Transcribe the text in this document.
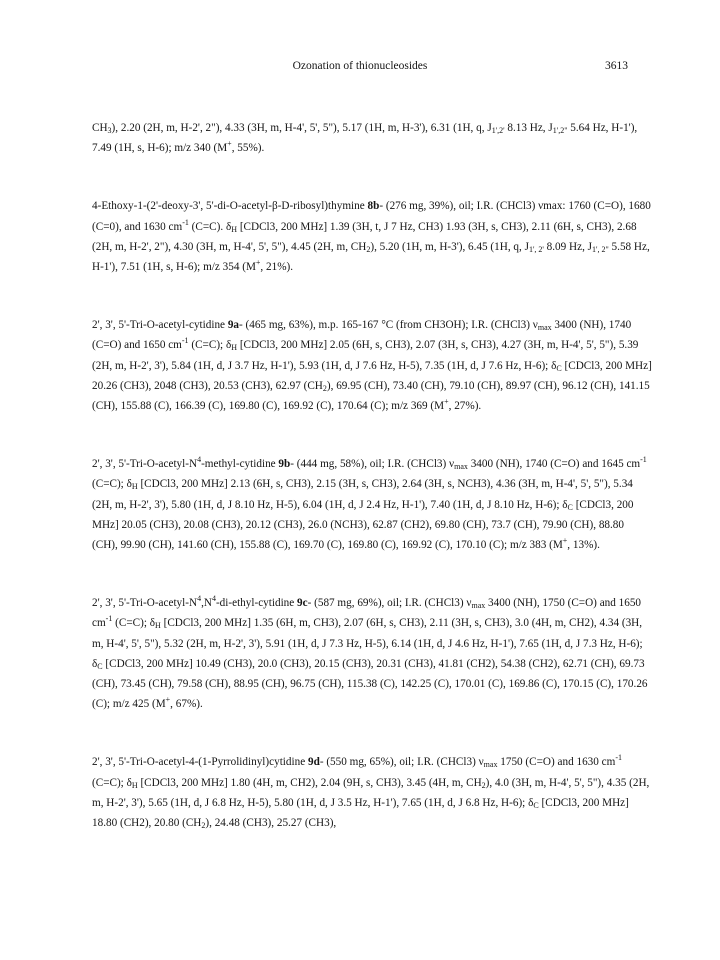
Ozonation of thionucleosides	3613

$CH_3$), 2.20 (2H, m, H-2', 2"), 4.33 (3H, m, H-4', 5', 5"), 5.17 (1H, m, H-3'), 6.31 (1H, q, $J_{1',2'}$ 8.13 Hz, $J_{1',2"}$ 5.64 Hz, H-1'), 7.49 (1H, s, H-6); m/z 340 (M+, 55%).

4-Ethoxy-1-(2'-deoxy-3', 5'-di-O-acetyl-β-D-ribosyl)thymine 8b- (276 mg, 39%), oil; I.R. (CHCl3) νmax: 1760 (C=O), 1680 (C=0), and 1630 $cm^{-1}$ (C=C). $\delta_H$ [CDCl3, 200 MHz] 1.39 (3H, t, J 7 Hz, CH3) 1.93 (3H, s, CH3), 2.11 (6H, s, CH3), 2.68 (2H, m, H-2', 2"), 4.30 (3H, m, H-4', 5', 5"), 4.45 (2H, m, $CH_2$), 5.20 (1H, m, H-3'), 6.45 (1H, q, $J_{1', 2'}$ 8.09 Hz, $J_{1', 2"}$ 5.58 Hz, H-1'), 7.51 (1H, s, H-6); m/z 354 (M+, 21%).

2', 3', 5'-Tri-O-acetyl-cytidine 9a- (465 mg, 63%), m.p. 165-167 °C (from CH3OH); I.R. (CHCl3) $\nu_{max}$ 3400 (NH), 1740 (C=O) and 1650 $cm^{-1}$ (C=C); $\delta_H$ [CDCl3, 200 MHz] 2.05 (6H, s, CH3), 2.07 (3H, s, CH3), 4.27 (3H, m, H-4', 5', 5"), 5.39 (2H, m, H-2', 3'), 5.84 (1H, d, J 3.7 Hz, H-1'), 5.93 (1H, d, J 7.6 Hz, H-5), 7.35 (1H, d, J 7.6 Hz, H-6); $\delta_C$ [CDCl3, 200 MHz] 20.26 (CH3), 2048 (CH3), 20.53 (CH3), 62.97 $(CH_2)$, 69.95 (CH), 73.40 (CH), 79.10 (CH), 89.97 (CH), 96.12 (CH), 141.15 (CH), 155.88 (C), 166.39 (C), 169.80 (C), 169.92 (C), 170.64 (C); m/z 369 (M+, 27%).

2', 3', $5'-Tri-O-acetyl-N^4-methyl$-cytidine 9b- (444 mg, 58%), oil; I.R. (CHCl3) $\nu_{max}$ 3400 (NH), 1740 (C=O) and 1645 $cm^{-1}$ (C=C); $\delta_H$ [CDCl3, 200 MHz] 2.13 (6H, s, CH3), 2.15 (3H, s, CH3), 2.64 (3H, s, NCH3), 4.36 (3H, m, H-4', 5', 5"), 5.34 (2H, m, H-2', 3'), 5.80 (1H, d, J 8.10 Hz, H-5), 6.04 (1H, d, J 2.4 Hz, H-1'), 7.40 (1H, d, J 8.10 Hz, H-6); $\delta_C$ [CDCl3, 200 MHz] 20.05 (CH3), 20.08 (CH3), 20.12 (CH3), 26.0 (NCH3), 62.87 (CH2), 69.80 (CH), 73.7 (CH), 79.90 (CH), 88.80 (CH), 99.90 (CH), 141.60 (CH), 155.88 (C), 169.70 (C), 169.80 (C), 169.92 (C), 170.10 (C); m/z 383 (M+, 13%).

2', 3', $5'-Tri-O-acetyl-N^4,N^4-di-ethyl$-cytidine 9c- (587 mg, 69%), oil; I.R. (CHCl3) $\nu_{max}$ 3400 (NH), 1750 (C=O) and 1650 $cm^{-1}$ (C=C); $\delta_H$ [CDCl3, 200 MHz] 1.35 (6H, m, CH3), 2.07 (6H, s, CH3), 2.11 (3H, s, CH3), 3.0 (4H, m, CH2), 4.34 (3H, m, H-4', 5', 5"), 5.32 (2H, m, H-2', 3'), 5.91 (1H, d, J 7.3 Hz, H-5), 6.14 (1H, d, J 4.6 Hz, H-1'), 7.65 (1H, d, J 7.3 Hz, H-6); $\delta_C$ [CDCl3, 200 MHz] 10.49 (CH3), 20.0 (CH3), 20.15 (CH3), 20.31 (CH3), 41.81 (CH2), 54.38 (CH2), 62.71 (CH), 69.73 (CH), 73.45 (CH), 79.58 (CH), 88.95 (CH), 96.75 (CH), 115.38 (C), 142.25 (C), 170.01 (C), 169.86 (C), 170.15 (C), 170.26 (C); m/z 425 (M+, 67%).

2', 3', 5'-Tri-O-acetyl-4-(1-Pyrrolidinyl)cytidine 9d- (550 mg, 65%), oil; I.R. (CHCl3) $\nu_{max}$ 1750 (C=O) and 1630 $cm^{-1}$ (C=C); $\delta_H$ [CDCl3, 200 MHz] 1.80 (4H, m, CH2), 2.04 (9H, s, CH3), 3.45 (4H, m, $CH_2$), 4.0 (3H, m, H-4', 5', 5"), 4.35 (2H, m, H-2', 3'), 5.65 (1H, d, J 6.8 Hz, H-5), 5.80 (1H, d, J 3.5 Hz, H-1'), 7.65 (1H, d, J 6.8 Hz, H-6); $\delta_C$ [CDCl3, 200 MHz] 18.80 (CH2), 20.80 $(CH_2)$, 24.48 (CH3), 25.27 (CH3),
